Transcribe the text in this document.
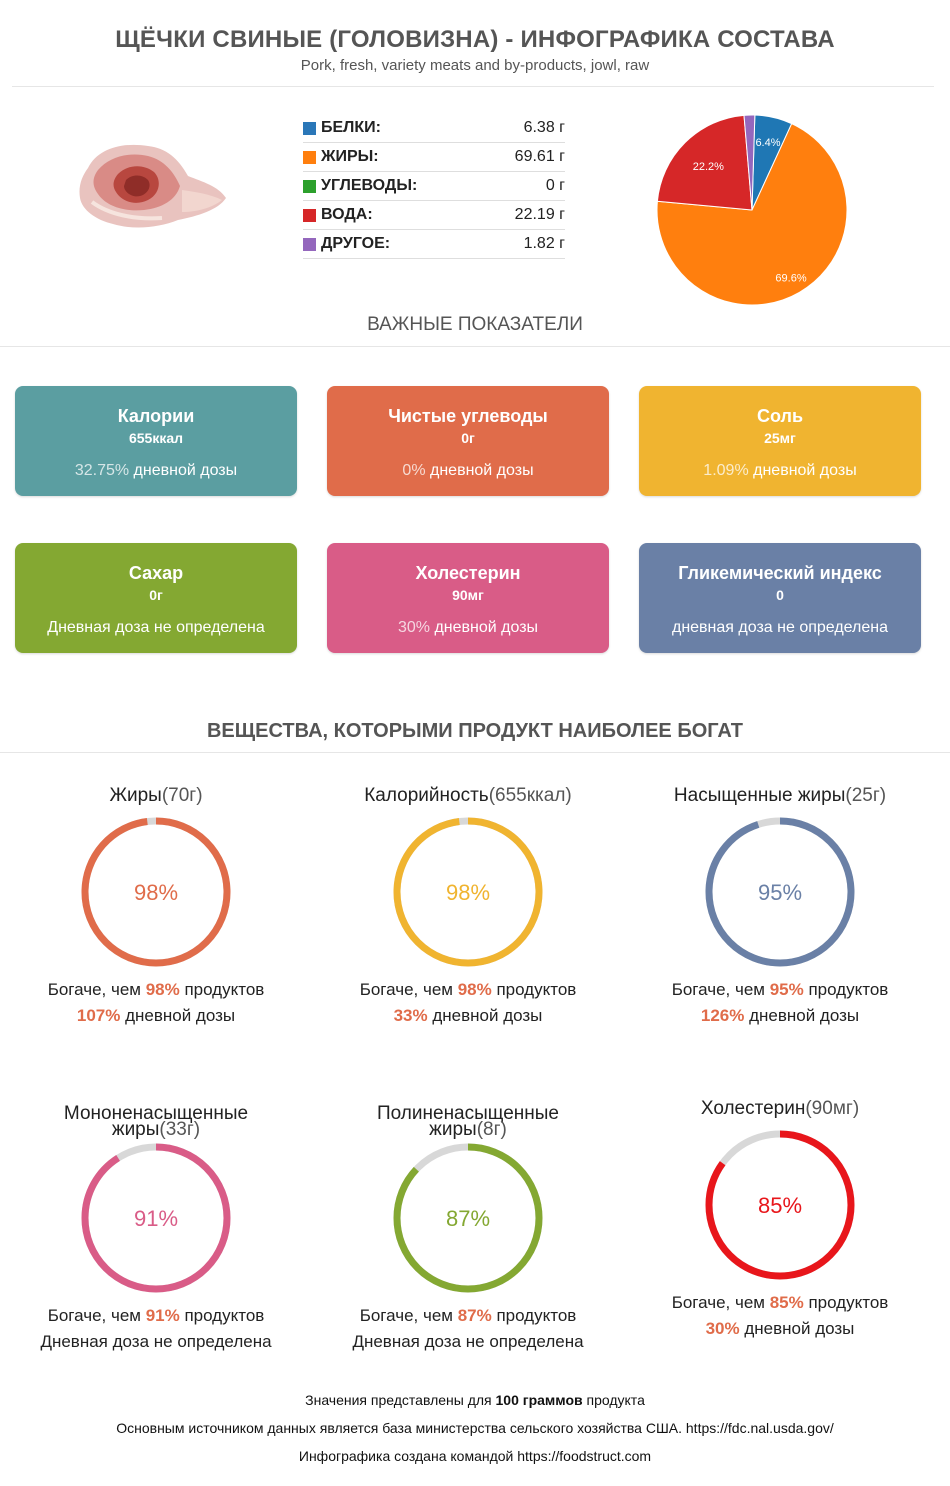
ЩЁЧКИ СВИНЫЕ (ГОЛОВИЗНА) - ИНФОГРАФИКА СОСТАВА
Pork, fresh, variety meats and by-products, jowl, raw
БЕЛКИ:	6.38 г
ЖИРЫ:	69.61 г
УГЛЕВОДЫ:	0 г
ВОДА:	22.19 г
ДРУГОЕ:	1.82 г
6.4%
69.6%
22.2%
ВАЖНЫЕ ПОКАЗАТЕЛИ
Калории
655ккал
32.75% дневной дозы
Чистые углеводы
0г
0% дневной дозы
Соль
25мг
1.09% дневной дозы
Сахар
0г
Дневная доза не определена
Холестерин
90мг
30% дневной дозы
Гликемический индекс
0
дневная доза не определена
ВЕЩЕСТВА, КОТОРЫМИ ПРОДУКТ НАИБОЛЕЕ БОГАТ
Жиры(70г)
98%
Богаче, чем 98% продуктов
107% дневной дозы
Калорийность(655ккал)
98%
Богаче, чем 98% продуктов
33% дневной дозы
Насыщенные жиры(25г)
95%
Богаче, чем 95% продуктов
126% дневной дозы
Мононенасыщенные жиры(33г)
91%
Богаче, чем 91% продуктов
Дневная доза не определена
Полиненасыщенные жиры(8г)
87%
Богаче, чем 87% продуктов
Дневная доза не определена
Холестерин(90мг)
85%
Богаче, чем 85% продуктов
30% дневной дозы
Значения представлены для 100 граммов продукта
Основным источником данных является база министерства сельского хозяйства США. https://fdc.nal.usda.gov/
Инфографика создана командой https://foodstruct.com
